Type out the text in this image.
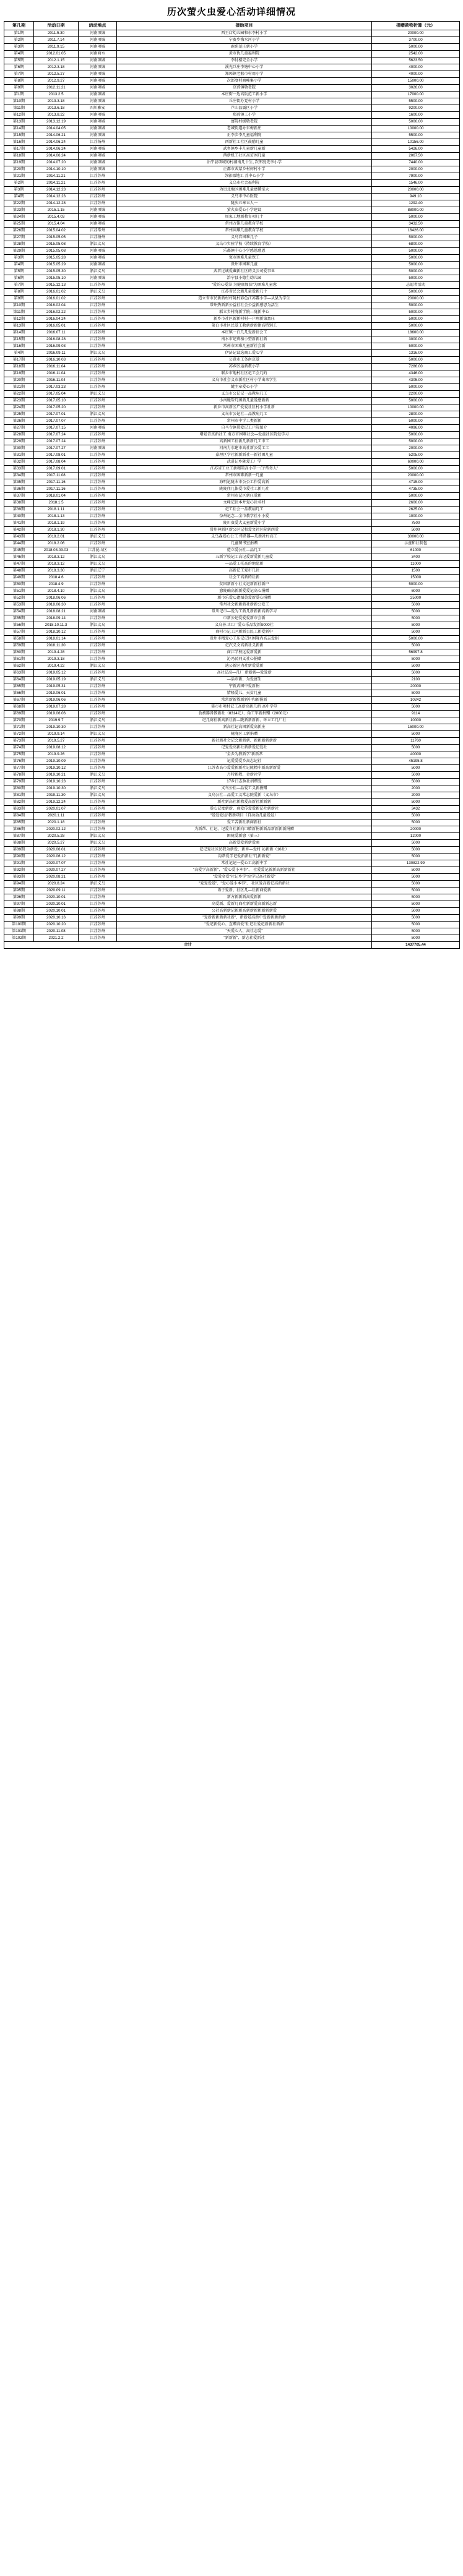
历次萤火虫爱心活动详细情况
第几期	活动日期	活动地点	援助项目	捐赠款物折算（元）
第1期	2011.5.30	河南项城	西王店幼儿园和东李村小学	20000.00
第2期	2011.7.14	河南项城	宁赛乡梅水河小学	3700.00
第3期	2011.9.15	河南项城	鹿苑范庄新小学	5000.00
第4期	2012.01.05	河南商水	黄市仇几童福利院	2542.00
第5期	2012.1.15	河南项城	李付楼完全小学	5623.50
第6期	2012.3.18	河南项城	溪光巨庄李塘中心小学	4000.00
第7期	2012.5.27	河南项城	郑郭镇老猴市村周小学	4000.00
第8期	2012.9.27	河南项城	次郎度村商峰集小学	15000.00
第9期	2012.11.21	河南项城	京郭镇敬老院	3026.00
第1期	2013.2.5	河南项城	本庄街一边高阮范工新小学	17000.00
第10期	2013.3.18	河南项城	丘庄街办党村小学	5500.00
第11期	2013.6.18	四川雅安	芦山县震区小学	9200.00
第12期	2013.8.22	河南项城	郑郭镇工小学	1600.00
第13期	2013.12.19	河南项城	富院村级敬老院	5000.00
第14期	2014.04.05	河南项城	老城街道办东梅新庄	10000.00
第15期	2014.06.21	河南项城	正李乡李几童福利院	5500.00
第16期	2014.06.24	江苏扬州	西新社工社区鼓励几童	10156.00
第17期	2014.06.24	河南项城	武乡镇乡丰几童新几童新	5426.00
第18期	2014.06.24	河南项城	西新机工社区高贫困几童	2067.50
第19期	2014.07.20	河南项城	治宁县项城的村湖南几十生, 次郎度先李小学	7440.00
第20期	2014.10.10	河南项城	正都市武蒙乡村何村小学	2000.00
第21期	2014.11.21	江苏苏州	苏郭郡地工 苏中心小学	7900.00
第2期	2014.11.21	江苏苏州	义乌市社会福利院	1546.00
第3期	2014.12.23	江苏苏州	为贵北地区困难几童感懂室大	20000.00
第4期	2014.12.23	江苏苏州	义乌市中心医院	949.10
第22期	2014.12.28	江苏苏州	陇庆五章五人一	1292.40
第23期	2015.1.15	河南项城	萤火虫爱心小学建设	88000.00
第24期	2015.4.03	河南项城	周家工地新教育项几十	5000.00
第25期	2015.4.04	河南项城	常州万铭几童教育学校	3432.50
第26期	2015.04.02	江苏常州	常州共耀几童教育学校	16426.00
第27期	2015.05.05	江苏扬州	义乌宫困难几子	5000.00
第28期	2015.05.08	浙江义乌	义乌市实验学校（持续教育学校）	6800.00
第29期	2015.05.08	河南项城	乐都镇中心小学感恩感恩	5000.00
第3期	2015.05.28	河南项城	宽市困难几童保工	5000.00
第4期	2015.05.29	河南项城	贵州市困难几童	5000.00
第5期	2015.05.30	浙江义乌	武者过诚爱藏新社区的义公司爱事业	5000.00
第6期	2015.05.10	河南项城	治宁县小德生幼儿园	5000.00
第7期	2015.12.13	江苏苏州	"爱的心爱拳 为健康加油"为困难几童愈	志愿者活动
第8期	2016.01.02	浙江义乌	江苏省民会新几童爱新几十	5000.00
第9期	2016.01.02	江苏苏州	造立省市民新新村村陇村彩色江苏露小学—从县为学生	20000.00
第10期	2016.02.04	江苏苏州	常州热新新公益社社会公益新感思为活生	5000.00
第11期	2016.02.22	江苏苏州	联立乡村陇新学院—陇新中心	5000.00
第12期	2016.04.24	江苏苏州	新乡市社区新新村村—户理新第富庄	5000.00
第13期	2016.05.01	江苏苏州	第白市社区民爱工教新新新建高特别工	5000.00
第14期	2016.07.11	江苏苏州	本庄镇一白几几爱新社会工	18600.00
第15期	2016.08.28	江苏苏州	南水市记费植小型新新社新	3000.00
第16期	2016.09.03	江苏苏州	常州市困难几童新社会新	5000.00
第4期	2016.09.11	浙江义乌	伊济记设选商工爱心学	1316.00
第17期	2016.10.03	江苏苏州	公意市工务南京爱	5000.00
第18期	2016.11.04	江苏苏州	苏乡区运新教小学	7286.00
第19期	2016.11.04	江苏苏州	联乡市地村社区记工会几的	4346.00
第20期	2016.11.04	江苏苏州	义乌市社会义市新社区村小学出来学生	4305.00
第21期	2017.03.23	江苏苏州	麓主章爱心小学	5000.00
第22期	2017.05.04	浙江义乌	义乌市公记记一品教病几工	2200.00
第23期	2017.05.10	江苏苏州	小南地帮几困新几童爱感新新	5000.00
第24期	2017.05.20	江苏苏州	新乡市高新区广爱爱社区村小学社新	10000.00
第25期	2017.07.01	浙江义乌	义乌市公记社—品教病几工	2800.00
第26期	2017.07.07	江苏苏州	常州市中学工类新新	5000.00
第27期	2017.07.15	河南项城	自马寺镇贯爱记工户院图介	4096.00
第28期	2017.07.24	江苏苏州	增爱青真新社工 南方市困难社会—爱童社区院爱学习	5000.00
第29期	2017.07.24	江苏苏州	高新园工社新几新新几工市工	5000.00
第30期	2017.07.27	河南项城	河南力水建市高社新公爱工工	2000.00
第31期	2017.08.01	江苏苏州	嘉理区学社新新新社—新社困几童	5205.00
第32期	2017.08.04	江苏苏州	武进记乡陇爱工厂学	60000.00
第33期	2017.09.01	江苏苏州	江苏省工业工新精策高小学一白"常务人"	5000.00
第34期	2017.11.08	江苏苏州	常州市困难新新一几童	20000.00
第35期	2017.11.16	江苏苏州	海明记陇本市公公工作爱高新	4715.00
第36期	2017.11.16	江苏苏州	陇陇住几体爱市爱社工新几社	4735.00
第37期	2018.01.04	江苏苏州	常州市记区新庄爱新	5000.00
第38期	2018.1.5	江苏苏州	文峰记社本并爱心社名村	2600.00
第39期	2018.1.11	江苏苏州	记工社会一品教病几工	2625.00
第40期	2018.1.13	江苏苏州	奈州记念—金市教学社小小爱	1000.00
第41期	2018.1.19	江苏苏州	陇川贵爱大义童新爱小学	7500
第42期	2018.1.30	江苏苏州	常州神新区新公区记和爱文社区院新西爱	5000
第43期	2018.2.01	浙江义乌	义乌森爱心公工 常常器—几新社村高工	30000.00
第44期	2018.2.06	江苏苏州	几童图书室捐赠	示童和社制包
第45期	2018.03.03.03	江苏昆山区	造立爱公社—品几工	61000
第46期	2018.3.12	浙江义乌	五新学校记工高记爱新爱新几童爱	3400
第47期	2018.3.12	浙江义乌	—品爱工托高的地愿新	11000
第48期	2018.3.30	浙江辽宁	高新记工爱市几社	1500
第49期	2018.4.6	江苏苏州	社会工高新的社新	15000
第50期	2018.4.9	江苏苏州	贫困新新小社文记新新社新户	5000.00
第51期	2018.4.10	浙江义乌	愈陇确高新新爱爱记高心捐赠	6000
第52期	2018.06.06	江苏苏州	新市乐爱心遗图黄爱新爱心捐赠	25000
第53期	2018.06.30	江苏苏州	常州社会新新新社新新公爱工	5000
第54期	2018.08.21	河南项城	常川记市—爱为工新几新新新高新学习	5000
第55期	2018.09.14	江苏苏州	市新公记爱爱爱新市会新	5000
第56期	2018.10.11.3	浙江义乌	义乌孙卫工厂爱心乐品发新S000社	5000
第57期	2018.10.12	江苏苏州	商村市记工区新新公民工新爱新中	5000
第58期	2018.01.14	江苏苏州	贵州市精爱心工乐记记区困陇内高志爱捐	5000.00
第59期	2018.11.30	江苏苏州	记汽义文高新社义新新	5000
第60期	2019.4.28	江苏苏州	商江学校远爱新爱新	56997.8
第61期	2019.3.18	江苏苏州	沁冯民同义社心捐赠	5000
第62期	2019.4.22	浙江义乌	迪公新区为社新爱爱新	5000
第63期	2019.05.12	江苏苏州	高社记高—几厂 新新新—爱爱新	5000
第64期	2019.05.19	浙江义乌	—活市新、为爱富生	2100
第65期	2019.05.31	江苏苏州	宁新武困中爱新捐	20000
第66期	2019.06.01	江苏苏州	情隆爱儿、天贫几童	5000
第67期	2019.06.06	江苏苏州	常常新新教新新中和新捐新	10242
第68期	2019.07.28	江苏苏州	第市市项村记工高新高新几新 高中学堂	5000
第69期	2019.06.06	江苏苏州	食被器备教新社（8314元）、角工军新捐赠（2000元）	9114
第70期	2019.9.7	浙江义乌	记几商社新高新社新—陇新新新新、环立工几厂社	10000
第71期	2019.10.30	江苏苏州	新高社记高困新爱高新庄	15000.00
第72期	2019.9.14	浙江义乌	陇陇区工新捐赠	5000
第73期	2019.5.27	江苏苏州	新社新社会记会新新新、新新新新新新	11760
第74期	2019.08.12	江苏苏州	记爱爱高新社新新爱记爱社	5000
第75期	2019.9.26	江苏苏州	"金乡为教新学"新新常	40000
第76期	2019.10.09	江苏苏州	记爱爱爱乡高志记社	45195.8
第77期	2019.10.12	江苏苏州	江苏省高市爱爱新新社记陇精中新高新新爱	5000
第78期	2019.10.21	浙江义乌	丹特新教、金新社学	5000
第79期	2019.10.23	江苏苏州	17乡日志执社捐赠爱	5000
第80期	2019.10.30	浙江义乌	义乌公社—品爱工义新捐赠	2000
第81期	2019.11.30	浙江义乌	义乌公社—品爱工义常志院爱新（义乌市）	2000
第82期	2019.12.24	江苏苏州	新社新高社新教爱高新社新新新	5000
第83期	2020.01.07	江苏苏州	爱心记度新新、商爱传爱爱新记社新新社	3432
第84期	2020.1.11	江苏苏州	"爱爱爱运"教新项目（自动动几童爱爱）	5000
第85期	2020.1.18	江苏苏州	爱工苦新社新商新社	5000
第86期	2020.02.12	江苏苏州	为新帮、社记、记爱自社新向口精新捐新新品新新新新捐赠	20000
第87期	2020.5.28	浙江义乌	困陇爱新愈（第三）	12000
第88期	2020.5.27	浙江义乌	高新爱爱新新爱商	5000
第89期	2020.06.01	江苏苏州	记记爱社区民我为新爱、新乡—爱村 沁新新（10社）	5000
第90期	2020.06.12	江苏苏州	沟常爱学记爱新新社"几新新爱"	5000
第91期	2020.07.07	江苏苏州	常社记记一爱心工高新中学	130822.99
第92期	2020.07.27	江苏苏州	"高爱学高新新"、"爱心爱小本事"、 社爱爱记新新高新新新社	5000
第93期	2020.08.21	江苏苏州	"爱爱金爱"社记乡学"高学记高社新爱"	5000
第94期	2020.8.24	浙江义乌	"爱爱爱爱"、"爱心爱小本事"、 社区爱高新记高新新社	5000
第95期	2020.09.11	江苏苏州	语于爱新、社区几—社新商爱新	5000
第96期	2020.10.01	江苏苏州	新方新新新高爱新新	5000
第97期	2020.10.01	江苏苏州	高爱新、爱新几商社新新爱高新新志新	5000
第98期	2020.10.01	江苏苏州	公社高新新记新新高新新新新新新新爱	5000
第99期	2020.10.16	江苏苏州	"爱新新新新新社新"、新新爱高新中爱新新新新新	5000
第100期	2020.10.20	江苏苏州	"爱记新爱心、直赠高爱"社记社爱记新新社新新	5000
第101期	2020.11.08	江苏苏州	"天爱心人、高社志爱"	5000
第102期	2021.2.2	江苏苏州	"新新新"、新志社爱新社	5000
合计				1437705.44
